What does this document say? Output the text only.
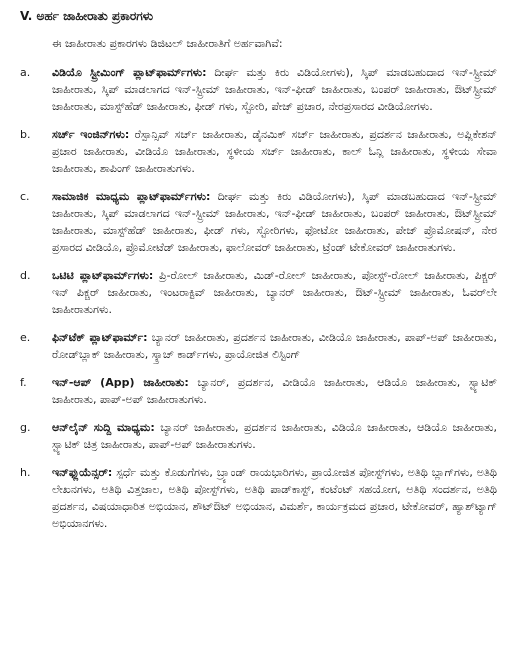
V. ಅರ್ಹ ಜಾಹೀರಾತು ಪ್ರಕಾರಗಳು
ಈ ಜಾಹೀರಾತು ಪ್ರಕಾರಗಳು ಡಿಜಿಟಲ್ ಜಾಹೀರಾತಿಗೆ ಅರ್ಹವಾಗಿವೆ:
a.	ವಿಡಿಯೊ ಸ್ಟ್ರೀಮಿಂಗ್ ಪ್ಲಾಟ್‌ಫಾರ್ಮ್‌ಗಳು: ದೀರ್ಘ ಮತ್ತು ಕಿರು ವಿಡಿಯೋಗಳು), ಸ್ಕಿಪ್ ಮಾಡಬಹುದಾದ ಇನ್-ಸ್ಟ್ರೀಮ್ ಜಾಹೀರಾತು, ಸ್ಕಿಪ್ ಮಾಡಲಾಗದ ಇನ್-ಸ್ಟ್ರೀಮ್ ಜಾಹೀರಾತು, ಇನ್-ಫೀಡ್ ಜಾಹೀರಾತು, ಬಂಪರ್ ಜಾಹೀರಾತು, ಔಟ್‌ಸ್ಟ್ರೀಮ್ ಜಾಹೀರಾತು, ಮಾಸ್ಟ್‌ಹೆಡ್ ಜಾಹೀರಾತು, ಫೀಡ್ ಗಳು, ಸ್ಟೋರಿ, ಪೇಜ್ ಪ್ರಚಾರ, ನೇರಪ್ರಸಾರದ ವೀಡಿಯೋಗಳು.
b.	ಸರ್ಚ್ ಇಂಜಿನ್‌ಗಳು: ರೆಸ್ಪಾನ್ಸಿವ್ ಸರ್ಚ್ ಜಾಹೀರಾತು, ಡೈನಮಿಕ್ ಸರ್ಚ್ ಜಾಹೀರಾತು, ಪ್ರದರ್ಶನ ಜಾಹೀರಾತು, ಅಪ್ಲಿಕೇಶನ್ ಪ್ರಚಾರ ಜಾಹೀರಾತು, ವೀಡಿಯೊ ಜಾಹೀರಾತು, ಸ್ಥಳೀಯ ಸರ್ಚ್ ಜಾಹೀರಾತು, ಕಾಲ್ ಓನ್ಲಿ ಜಾಹೀರಾತು, ಸ್ಥಳೀಯ ಸೇವಾ ಜಾಹೀರಾತು, ಶಾಪಿಂಗ್ ಜಾಹೀರಾತುಗಳು.
c.	ಸಾಮಾಜಿಕ ಮಾಧ್ಯಮ ಪ್ಲಾಟ್‌ಫಾರ್ಮ್‌ಗಳು: ದೀರ್ಘ ಮತ್ತು ಕಿರು ವಿಡಿಯೋಗಳು), ಸ್ಕಿಪ್ ಮಾಡಬಹುದಾದ ಇನ್-ಸ್ಟ್ರೀಮ್ ಜಾಹೀರಾತು, ಸ್ಕಿಪ್ ಮಾಡಲಾಗದ ಇನ್-ಸ್ಟ್ರೀಮ್ ಜಾಹೀರಾತು, ಇನ್-ಫೀಡ್ ಜಾಹೀರಾತು, ಬಂಪರ್ ಜಾಹೀರಾತು, ಔಟ್‌ಸ್ಟ್ರೀಮ್ ಜಾಹೀರಾತು, ಮಾಸ್ಟ್‌ಹೆಡ್ ಜಾಹೀರಾತು, ಫೀಡ್ ಗಳು, ಸ್ಟೋರಿಗಳು, ಫೋಟೋ ಜಾಹೀರಾತು, ಪೇಜ್ ಪ್ರೊಮೋಷನ್, ನೇರ ಪ್ರಸಾರದ ವೀಡಿಯೊ, ಪ್ರೊಮೋಟೆಡ್ ಜಾಹೀರಾತು, ಫಾಲೋವರ್ ಜಾಹೀರಾತು, ಟ್ರೆಂಡ್ ಟೇಕೋವರ್ ಜಾಹೀರಾತುಗಳು.
d.	ಒಟಿಟಿ ಪ್ಲಾಟ್‌ಫಾರ್ಮ್‌ಗಳು: ಪ್ರಿ-ರೋಲ್ ಜಾಹೀರಾತು, ಮಿಡ್-ರೋಲ್ ಜಾಹೀರಾತು, ಪೋಸ್ಟ್-ರೋಲ್ ಜಾಹೀರಾತು, ಪಿಕ್ಚರ್ ಇನ್ ಪಿಕ್ಚರ್ ಜಾಹೀರಾತು, ಇಂಟರಾಕ್ಟಿವ್ ಜಾಹೀರಾತು, ಬ್ಯಾನರ್ ಜಾಹೀರಾತು, ಔಟ್-ಸ್ಟ್ರೀಮ್ ಜಾಹೀರಾತು, ಓವರ್‌ಲೇ ಜಾಹೀರಾತುಗಳು.
e.	ಫಿನ್‌ಟೆಕ್ ಪ್ಲಾಟ್‌ಫಾರ್ಮ್: ಬ್ಯಾನರ್ ಜಾಹೀರಾತು, ಪ್ರದರ್ಶನ ಜಾಹೀರಾತು, ವೀಡಿಯೊ ಜಾಹೀರಾತು, ಪಾಪ್-ಅಪ್ ಜಾಹೀರಾತು, ರೋಡ್‌ಬ್ಲಾಕ್ ಜಾಹೀರಾತು, ಸ್ಕ್ರಾಚ್ ಕಾರ್ಡ್‌ಗಳು, ಪ್ರಾಯೋಜಿತ ಲಿಸ್ಟಿಂಗ್
f.	ಇನ್-ಆಪ್ (App) ಜಾಹೀರಾತು: ಬ್ಯಾನರ್, ಪ್ರದರ್ಶನ, ವೀಡಿಯೊ ಜಾಹೀರಾತು, ಆಡಿಯೊ ಜಾಹೀರಾತು, ಸ್ಟ್ಯಾಟಿಕ್ ಜಾಹೀರಾತು, ಪಾಪ್-ಅಪ್ ಜಾಹೀರಾತುಗಳು.
g.	ಆನ್‌ಲೈನ್ ಸುದ್ದಿ ಮಾಧ್ಯಮ: ಬ್ಯಾನರ್ ಜಾಹೀರಾತು, ಪ್ರದರ್ಶನ ಜಾಹೀರಾತು, ವಿಡಿಯೊ ಜಾಹೀರಾತು, ಆಡಿಯೊ ಜಾಹೀರಾತು, ಸ್ಟ್ಯಾಟಿಕ್ ಚಿತ್ರ ಜಾಹೀರಾತು, ಪಾಪ್-ಅಪ್ ಜಾಹೀರಾತುಗಳು.
h.	ಇನ್‌ಫ್ಲುಯೆನ್ಸರ್: ಸ್ಪರ್ಧೆ ಮತ್ತು ಕೊಡುಗೆಗಳು, ಬ್ರ್ಯಾಂಡ್ ರಾಯಭಾರಿಗಳು, ಪ್ರಾಯೋಜಿತ ಪೋಸ್ಟ್‌ಗಳು, ಅತಿಥಿ ಬ್ಲಾಗ್‌ಗಳು, ಅತಿಥಿ ಲೇಖನಗಳು, ಅತಿಥಿ ವಿತ್ತಜಾಲ, ಅತಿಥಿ ಪೋಸ್ಟ್‌ಗಳು, ಅತಿಥಿ ಪಾಡ್‌ಕಾಸ್ಟ್, ಕಂಟೆಂಟ್ ಸಹಯೋಗ, ಅತಿಥಿ ಸಂದರ್ಶನ, ಅತಿಥಿ ಪ್ರದರ್ಶನ, ವಿಷಯಾಧಾರಿತ ಅಭಿಯಾನ, ಶೌಟ್‌ಔಟ್ ಅಭಿಯಾನ, ವಿಮರ್ಶೆ, ಕಾರ್ಯಕ್ರಮದ ಪ್ರಚಾರ, ಟೇಕೋವರ್, ಹ್ಯಾಶ್‌ಟ್ಯಾಗ್ ಅಭಿಯಾನಗಳು.
